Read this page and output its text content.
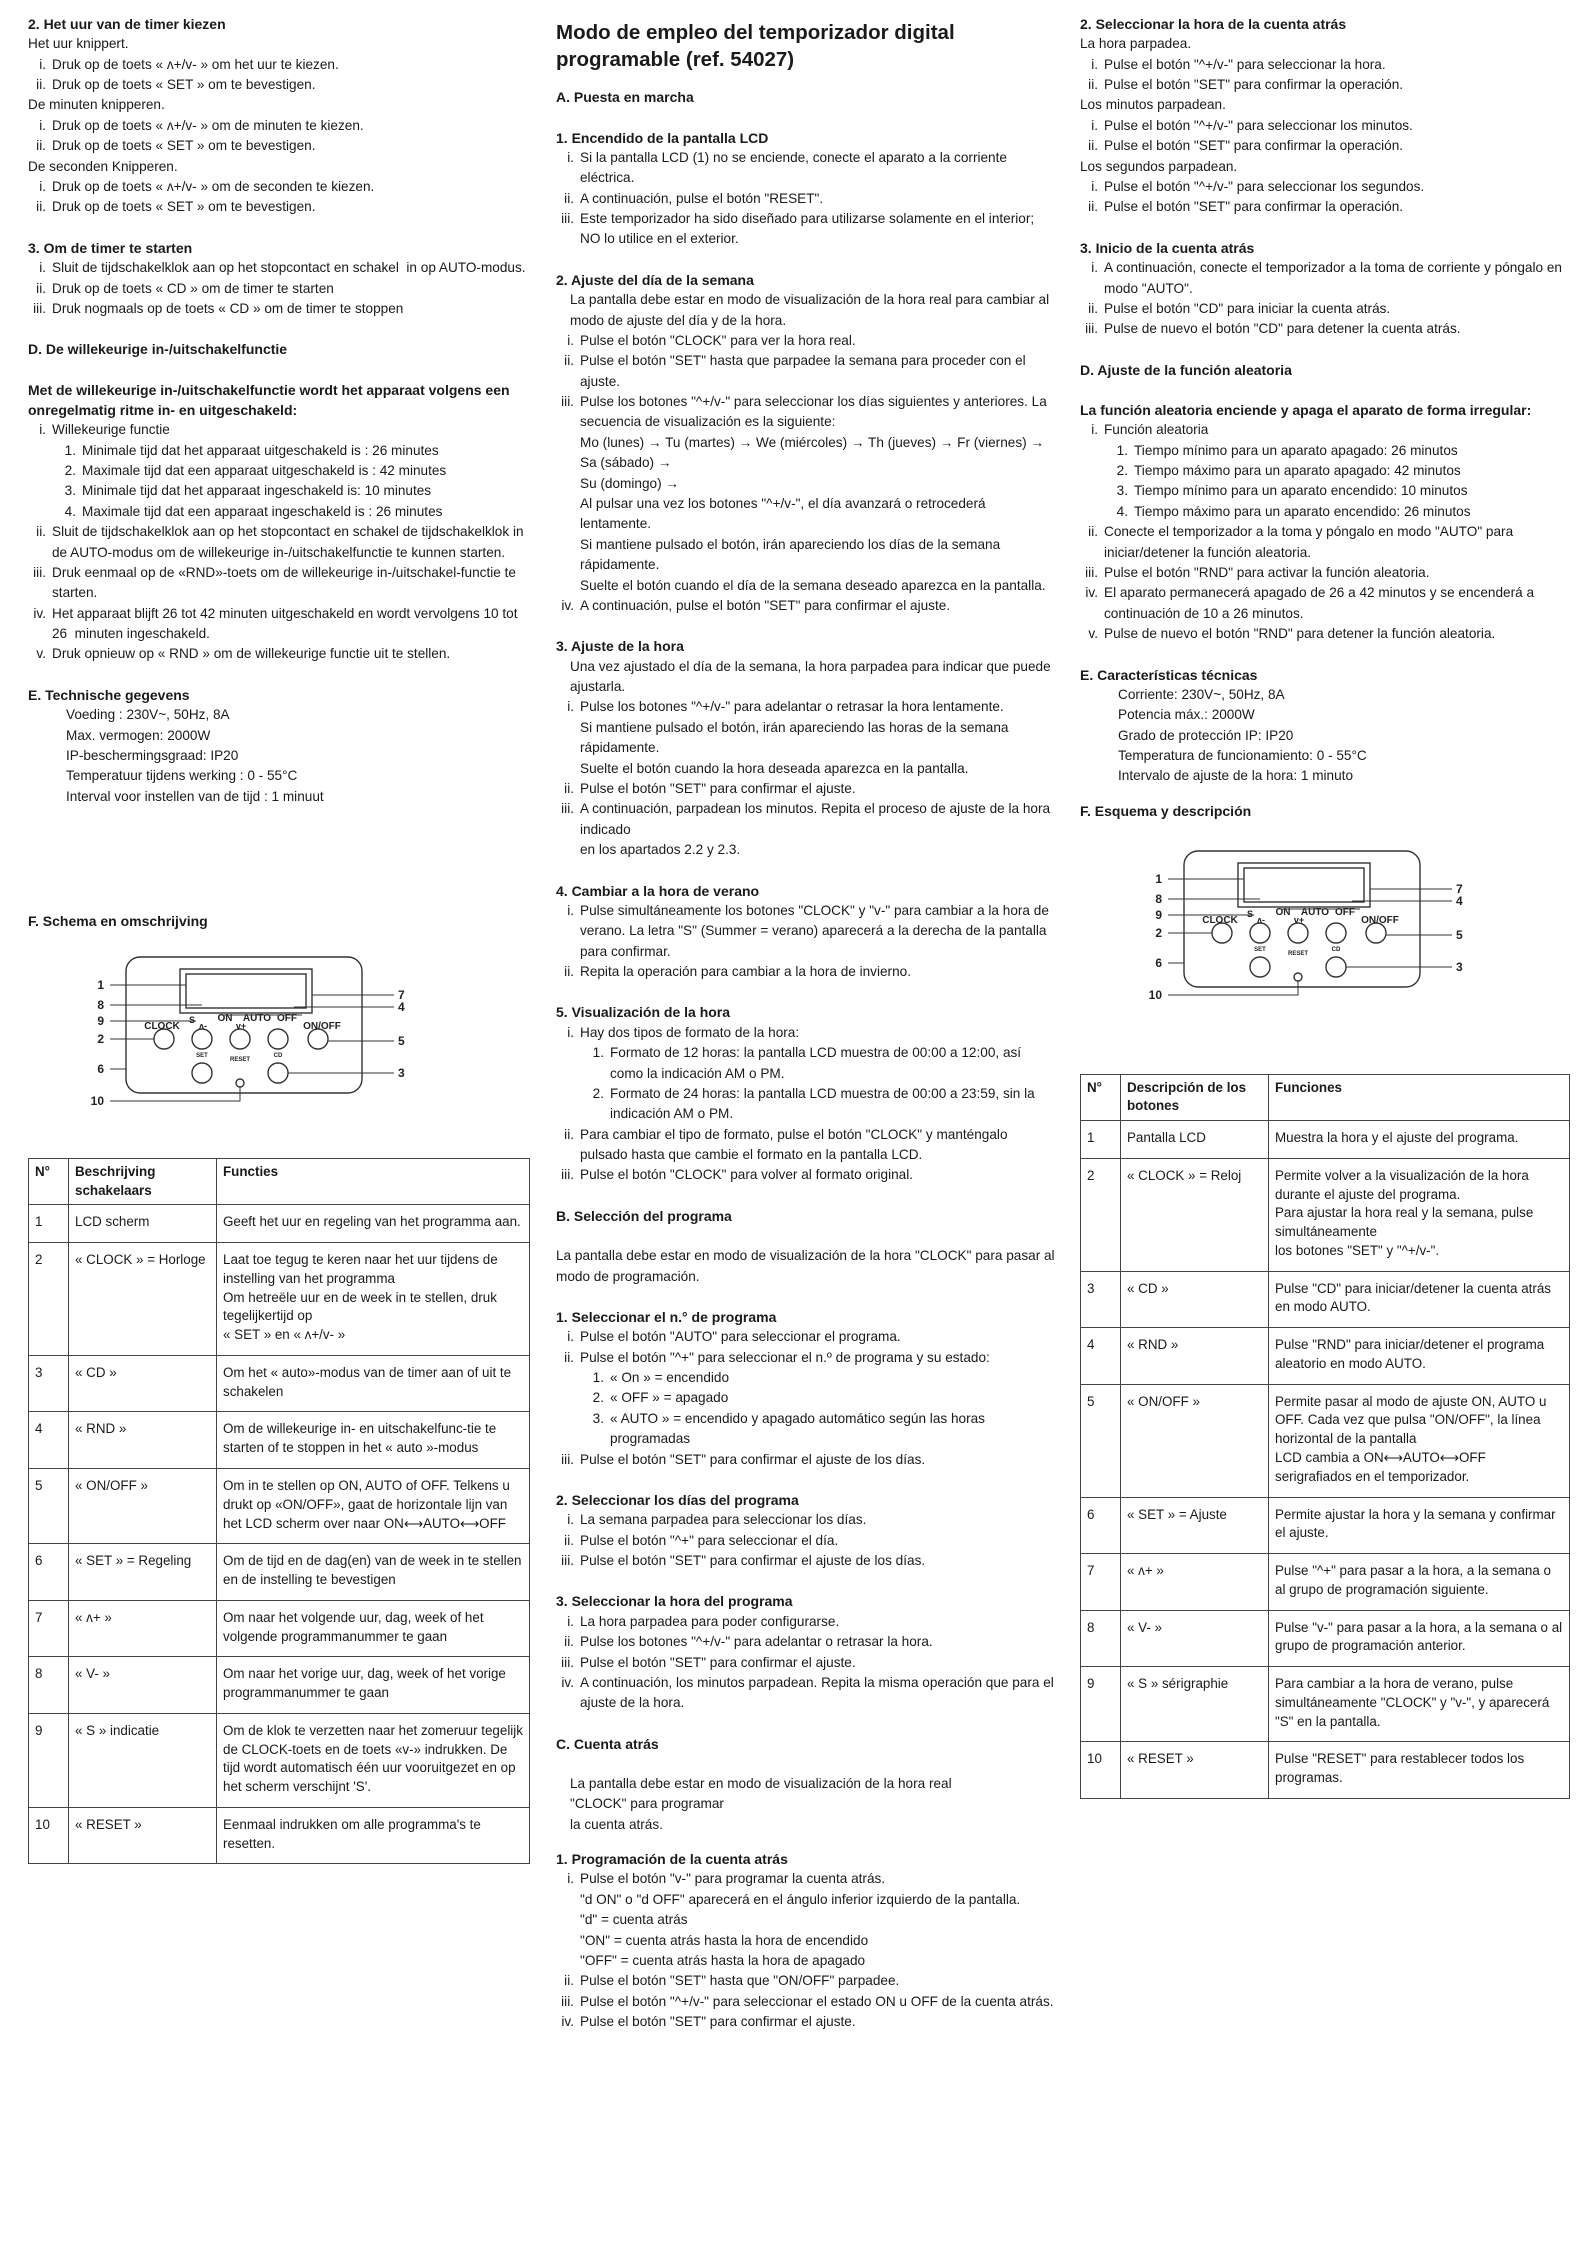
2. Het uur van de timer kiezen
Het uur knippert.
i. Druk op de toets « ʌ+/v- » om het uur te kiezen.
ii. Druk op de toets « SET » om te bevestigen.
De minuten knipperen.
i. Druk op de toets « ʌ+/v- » om de minuten te kiezen.
ii. Druk op de toets « SET » om te bevestigen.
De seconden Knipperen.
i. Druk op de toets « ʌ+/v- » om de seconden te kiezen.
ii. Druk op de toets « SET » om te bevestigen.
3. Om de timer te starten
i. Sluit de tijdschakelklok aan op het stopcontact en schakel  in op AUTO-modus.
ii. Druk op de toets « CD » om de timer te starten
iii. Druk nogmaals op de toets « CD » om de timer te stoppen
D. De willekeurige in-/uitschakelfunctie
Met de willekeurige in-/uitschakelfunctie wordt het apparaat volgens een onregelmatig ritme in- en uitgeschakeld:
i. Willekeurige functie
1. Minimale tijd dat het apparaat uitgeschakeld is : 26 minutes
2. Maximale tijd dat een apparaat uitgeschakeld is : 42 minutes
3. Minimale tijd dat het apparaat ingeschakeld is: 10 minutes
4. Maximale tijd dat een apparaat ingeschakeld is : 26 minutes
ii. Sluit de tijdschakelklok aan op het stopcontact en schakel de tijdschakelklok in de AUTO-modus om de willekeurige in-/uitschakelfunctie te kunnen starten.
iii. Druk eenmaal op de «RND»-toets om de willekeurige in-/uitschakel-functie te starten.
iv. Het apparaat blijft 26 tot 42 minuten uitgeschakeld en wordt vervolgens 10 tot 26  minuten ingeschakeld.
v. Druk opnieuw op « RND » om de willekeurige functie uit te stellen.
E. Technische gegevens
Voeding : 230V~, 50Hz, 8A
Max. vermogen: 2000W
IP-beschermingsgraad: IP20
Temperatuur tijdens werking : 0 - 55°C
Interval voor instellen van de tijd : 1 minuut
F. Schema en omschrijving
S ON AUTO OFF
CLOCK ʌ-	v+	ON/OFF
SET
RESET
CD
1
8
9
2
6
10
7
4
5
3
N°	Beschrijving schakelaars	Functies
1	LCD scherm	Geeft het uur en regeling van het programma aan.
2	« CLOCK » = Horloge	Laat toe tegug te keren naar het uur tijdens de instelling van het programma
Om hetreële uur en de week in te stellen, druk tegelijkertijd op
« SET » en « ʌ+/v- »
3	« CD »	Om het « auto»-modus van de timer aan of uit te schakelen
4	« RND »	Om de willekeurige in- en uitschakelfunc-tie te starten of te stoppen in het « auto »-modus
5	« ON/OFF »	Om in te stellen op ON, AUTO of OFF. Telkens u drukt op «ON/OFF», gaat de horizontale lijn van het LCD scherm over naar ON⟷AUTO⟷OFF
6	« SET » = Regeling	Om de tijd en de dag(en) van de week in te stellen en de instelling te bevestigen
7	« ʌ+ »	Om naar het volgende uur, dag, week of het volgende programmanummer te gaan
8	« V- »	Om naar het vorige uur, dag, week of het vorige programmanummer te gaan
9	« S » indicatie	Om de klok te verzetten naar het zomeruur tegelijk de CLOCK-toets en de toets «v-» indrukken. De tijd wordt automatisch één uur vooruitgezet en op het scherm verschijnt 'S'.
10	« RESET »	Eenmaal indrukken om alle programma's te resetten.
Modo de empleo del temporizador digital programable (ref. 54027)
A. Puesta en marcha
1. Encendido de la pantalla LCD
i. Si la pantalla LCD (1) no se enciende, conecte el aparato a la corriente eléctrica.
ii. A continuación, pulse el botón "RESET".
iii. Este temporizador ha sido diseñado para utilizarse solamente en el interior;
NO lo utilice en el exterior.
2. Ajuste del día de la semana
La pantalla debe estar en modo de visualización de la hora real para cambiar al modo de ajuste del día y de la hora.
i. Pulse el botón "CLOCK" para ver la hora real.
ii. Pulse el botón "SET" hasta que parpadee la semana para proceder con el ajuste.
iii. Pulse los botones "^+/v-" para seleccionar los días siguientes y anteriores. La secuencia de visualización es la siguiente:
Mo (lunes) → Tu (martes) → We (miércoles) → Th (jueves) → Fr (viernes) → Sa (sábado) →
Su (domingo) →
Al pulsar una vez los botones "^+/v-", el día avanzará o retrocederá lentamente.
Si mantiene pulsado el botón, irán apareciendo los días de la semana rápidamente.
Suelte el botón cuando el día de la semana deseado aparezca en la pantalla.
iv. A continuación, pulse el botón "SET" para confirmar el ajuste.
3. Ajuste de la hora
Una vez ajustado el día de la semana, la hora parpadea para indicar que puede ajustarla.
i. Pulse los botones "^+/v-" para adelantar o retrasar la hora lentamente.
Si mantiene pulsado el botón, irán apareciendo las horas de la semana rápidamente.
Suelte el botón cuando la hora deseada aparezca en la pantalla.
ii. Pulse el botón "SET" para confirmar el ajuste.
iii. A continuación, parpadean los minutos. Repita el proceso de ajuste de la hora indicado
en los apartados 2.2 y 2.3.
4. Cambiar a la hora de verano
i. Pulse simultáneamente los botones "CLOCK" y "v-" para cambiar a la hora de verano. La letra "S" (Summer = verano) aparecerá a la derecha de la pantalla para confirmar.
ii. Repita la operación para cambiar a la hora de invierno.
5. Visualización de la hora
i. Hay dos tipos de formato de la hora:
1. Formato de 12 horas: la pantalla LCD muestra de 00:00 a 12:00, así como la indicación AM o PM.
2. Formato de 24 horas: la pantalla LCD muestra de 00:00 a 23:59, sin la indicación AM o PM.
ii. Para cambiar el tipo de formato, pulse el botón "CLOCK" y manténgalo pulsado hasta que cambie el formato en la pantalla LCD.
iii. Pulse el botón "CLOCK" para volver al formato original.
B. Selección del programa
La pantalla debe estar en modo de visualización de la hora "CLOCK" para pasar al modo de programación.
1. Seleccionar el n.° de programa
i. Pulse el botón "AUTO" para seleccionar el programa.
ii. Pulse el botón "^+" para seleccionar el n.º de programa y su estado:
1. « On » = encendido
2. « OFF » = apagado
3. « AUTO » = encendido y apagado automático según las horas programadas
iii. Pulse el botón "SET" para confirmar el ajuste de los días.
2. Seleccionar los días del programa
i. La semana parpadea para seleccionar los días.
ii. Pulse el botón "^+" para seleccionar el día.
iii. Pulse el botón "SET" para confirmar el ajuste de los días.
3. Seleccionar la hora del programa
i. La hora parpadea para poder configurarse.
ii. Pulse los botones "^+/v-" para adelantar o retrasar la hora.
iii. Pulse el botón "SET" para confirmar el ajuste.
iv. A continuación, los minutos parpadean. Repita la misma operación que para el ajuste de la hora.
C. Cuenta atrás
La pantalla debe estar en modo de visualización de la hora real
"CLOCK" para programar
la cuenta atrás.
1. Programación de la cuenta atrás
i. Pulse el botón "v-" para programar la cuenta atrás.
"d ON" o "d OFF" aparecerá en el ángulo inferior izquierdo de la pantalla.
"d" = cuenta atrás
"ON" = cuenta atrás hasta la hora de encendido
"OFF" = cuenta atrás hasta la hora de apagado
ii. Pulse el botón "SET" hasta que "ON/OFF" parpadee.
iii. Pulse el botón "^+/v-" para seleccionar el estado ON u OFF de la cuenta atrás.
iv. Pulse el botón "SET" para confirmar el ajuste.
2. Seleccionar la hora de la cuenta atrás
La hora parpadea.
i. Pulse el botón "^+/v-" para seleccionar la hora.
ii. Pulse el botón "SET" para confirmar la operación.
Los minutos parpadean.
i. Pulse el botón "^+/v-" para seleccionar los minutos.
ii. Pulse el botón "SET" para confirmar la operación.
Los segundos parpadean.
i. Pulse el botón "^+/v-" para seleccionar los segundos.
ii. Pulse el botón "SET" para confirmar la operación.
3. Inicio de la cuenta atrás
i. A continuación, conecte el temporizador a la toma de corriente y póngalo en modo "AUTO".
ii. Pulse el botón "CD" para iniciar la cuenta atrás.
iii. Pulse de nuevo el botón "CD" para detener la cuenta atrás.
D. Ajuste de la función aleatoria
La función aleatoria enciende y apaga el aparato de forma irregular:
i. Función aleatoria
1. Tiempo mínimo para un aparato apagado: 26 minutos
2. Tiempo máximo para un aparato apagado: 42 minutos
3. Tiempo mínimo para un aparato encendido: 10 minutos
4. Tiempo máximo para un aparato encendido: 26 minutos
ii. Conecte el temporizador a la toma y póngalo en modo "AUTO" para iniciar/detener la función aleatoria.
iii. Pulse el botón "RND" para activar la función aleatoria.
iv. El aparato permanecerá apagado de 26 a 42 minutos y se encenderá a continuación de 10 a 26 minutos.
v. Pulse de nuevo el botón "RND" para detener la función aleatoria.
E. Características técnicas
Corriente: 230V~, 50Hz, 8A
Potencia máx.: 2000W
Grado de protección IP: IP20
Temperatura de funcionamiento: 0 - 55°C
Intervalo de ajuste de la hora: 1 minuto
F. Esquema y descripción
S ON AUTO OFF
CLOCK ʌ-	v+	ON/OFF
SET
RESET
CD
1
8
9
2
6
10
7
4
5
3
N°	Descripción de los botones	Funciones
1	Pantalla LCD	Muestra la hora y el ajuste del programa.
2	« CLOCK » = Reloj	Permite volver a la visualización de la hora durante el ajuste del programa.
Para ajustar la hora real y la semana, pulse simultáneamente
los botones "SET" y "^+/v-".
3	« CD »	Pulse "CD" para iniciar/detener la cuenta atrás en modo AUTO.
4	« RND »	Pulse "RND" para iniciar/detener el programa aleatorio en modo AUTO.
5	« ON/OFF »	Permite pasar al modo de ajuste ON, AUTO u OFF. Cada vez que pulsa "ON/OFF", la línea horizontal de la pantalla
LCD cambia a ON⟷AUTO⟷OFF serigrafiados en el temporizador.
6	« SET » = Ajuste	Permite ajustar la hora y la semana y confirmar el ajuste.
7	« ʌ+ »	Pulse "^+" para pasar a la hora, a la semana o al grupo de programación siguiente.
8	« V- »	Pulse "v-" para pasar a la hora, a la semana o al grupo de programación anterior.
9	« S » sérigraphie	Para cambiar a la hora de verano, pulse simultáneamente "CLOCK" y "v-", y aparecerá "S" en la pantalla.
10	« RESET »	Pulse "RESET" para restablecer todos los programas.
